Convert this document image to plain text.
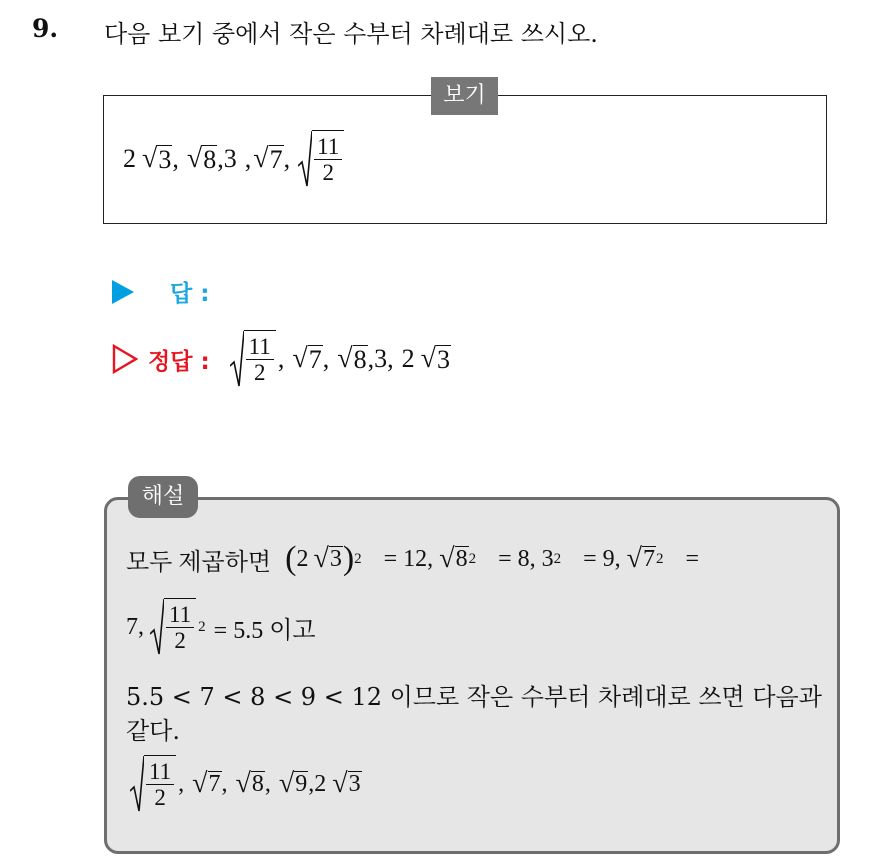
9. 다음 보기 중에서 작은 수부터 차례대로 쓰시오.
보기
2 √ 3 , √ 8 , 3 , √ 7 , $\frac{11}{2}$
답 :
정답 : $\frac{11}{2}$ , √ 7 , √ 8 , 3 , 2 √ 3
해설
모두 제곱하면 ( 2 √ 3 ) 2 = 12, √ 8 2 = 8, 3 2 = 9, √ 7 2 =
7, $\frac{11}{2} 2 = 5.5$ 이고
5.5 < 7 < 8 < 9 < 12 이므로 작은 수부터 차례대로 쓰면 다음과
같다.
$\frac{11}{2}$ , √ 7 , √ 8 , √ 9 , 2 √ 3
